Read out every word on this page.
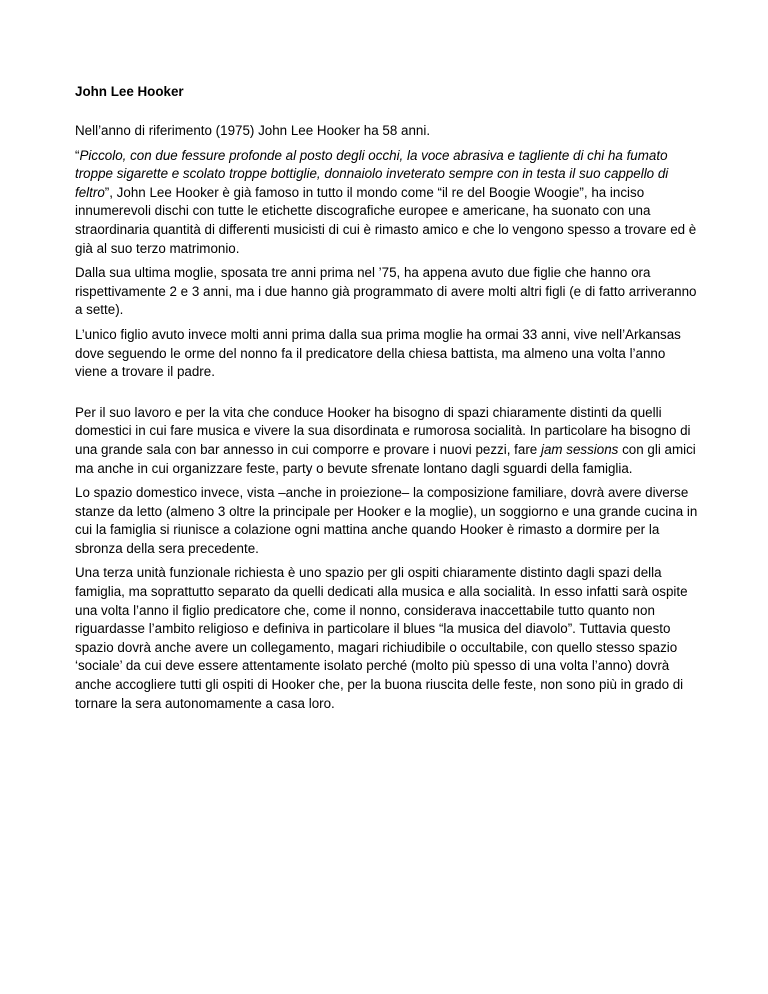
John Lee Hooker

Nell’anno di riferimento (1975) John Lee Hooker ha 58 anni.

“Piccolo, con due fessure profonde al posto degli occhi, la voce abrasiva e tagliente di chi ha fumato troppe sigarette e scolato troppe bottiglie, donnaiolo inveterato sempre con in testa il suo cappello di feltro”, John Lee Hooker è già famoso in tutto il mondo come “il re del Boogie Woogie”, ha inciso innumerevoli dischi con tutte le etichette discografiche europee e americane, ha suonato con una straordinaria quantità di differenti musicisti di cui è rimasto amico e che lo vengono spesso a trovare ed è già al suo terzo matrimonio.

Dalla sua ultima moglie, sposata tre anni prima nel ’75, ha appena avuto due figlie che hanno ora rispettivamente 2 e 3 anni, ma i due hanno già programmato di avere molti altri figli (e di fatto arriveranno a sette).

L’unico figlio avuto invece molti anni prima dalla sua prima moglie ha ormai 33 anni, vive nell’Arkansas dove seguendo le orme del nonno fa il predicatore della chiesa battista, ma almeno una volta l’anno viene a trovare il padre.

Per il suo lavoro e per la vita che conduce Hooker ha bisogno di spazi chiaramente distinti da quelli domestici in cui fare musica e vivere la sua disordinata e rumorosa socialità. In particolare ha bisogno di una grande sala con bar annesso in cui comporre e provare i nuovi pezzi, fare jam sessions con gli amici ma anche in cui organizzare feste, party o bevute sfrenate lontano dagli sguardi della famiglia.

Lo spazio domestico invece, vista –anche in proiezione– la composizione familiare, dovrà avere diverse stanze da letto (almeno 3 oltre la principale per Hooker e la moglie), un soggiorno e una grande cucina in cui la famiglia si riunisce a colazione ogni mattina anche quando Hooker è rimasto a dormire per la sbronza della sera precedente.

Una terza unità funzionale richiesta è uno spazio per gli ospiti chiaramente distinto dagli spazi della famiglia, ma soprattutto separato da quelli dedicati alla musica e alla socialità. In esso infatti sarà ospite una volta l’anno il figlio predicatore che, come il nonno, considerava inaccettabile tutto quanto non riguardasse l’ambito religioso e definiva in particolare il blues “la musica del diavolo”. Tuttavia questo spazio dovrà anche avere un collegamento, magari richiudibile o occultabile, con quello stesso spazio ‘sociale’ da cui deve essere attentamente isolato perché (molto più spesso di una volta l’anno) dovrà anche accogliere tutti gli ospiti di Hooker che, per la buona riuscita delle feste, non sono più in grado di tornare la sera autonomamente a casa loro.
